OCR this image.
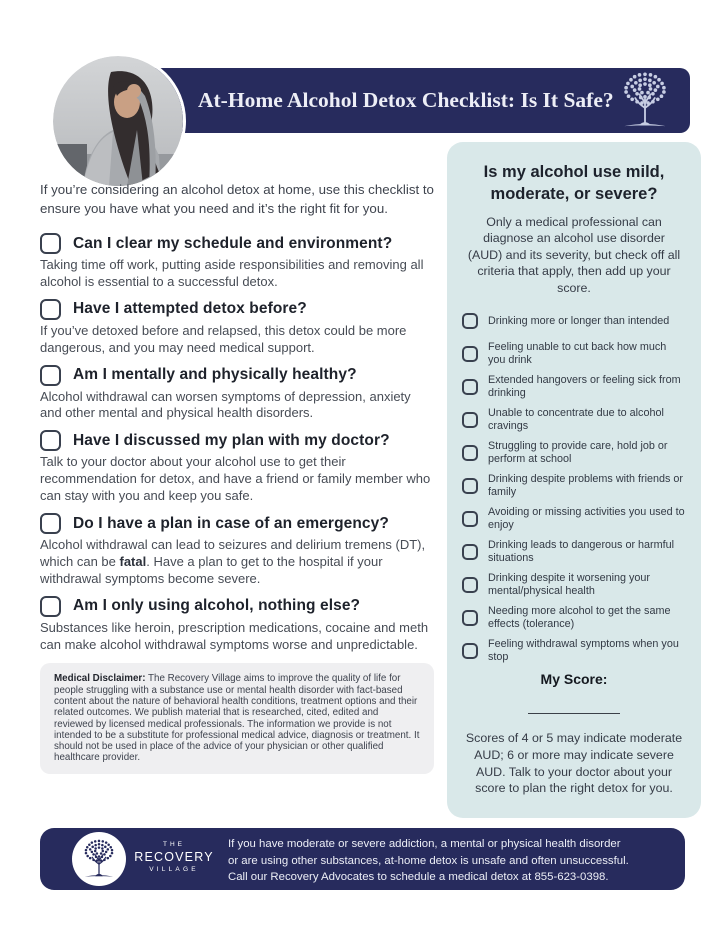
At-Home Alcohol Detox Checklist: Is It Safe?

If you’re considering an alcohol detox at home, use this checklist to ensure you have what you need and it’s the right fit for you.

Can I clear my schedule and environment?

Taking time off work, putting aside responsibilities and removing all alcohol is essential to a successful detox.

Have I attempted detox before?

If you’ve detoxed before and relapsed, this detox could be more dangerous, and you may need medical support.

Am I mentally and physically healthy?

Alcohol withdrawal can worsen symptoms of depression, anxiety and other mental and physical health disorders.

Have I discussed my plan with my doctor?

Talk to your doctor about your alcohol use to get their recommendation for detox, and have a friend or family member who can stay with you and keep you safe.

Do I have a plan in case of an emergency?

Alcohol withdrawal can lead to seizures and delirium tremens (DT), which can be fatal. Have a plan to get to the hospital if your withdrawal symptoms become severe.

Am I only using alcohol, nothing else?

Substances like heroin, prescription medications, cocaine and meth can make alcohol withdrawal symptoms worse and unpredictable.

Medical Disclaimer: The Recovery Village aims to improve the quality of life for people struggling with a substance use or mental health disorder with fact-based content about the nature of behavioral health conditions, treatment options and their related outcomes. We publish material that is researched, cited, edited and reviewed by licensed medical professionals. The information we provide is not intended to be a substitute for professional medical advice, diagnosis or treatment. It should not be used in place of the advice of your physician or other qualified healthcare provider.
Is my alcohol use mild, moderate, or severe?
Only a medical professional can diagnose an alcohol use disorder (AUD) and its severity, but check off all criteria that apply, then add up your score.
Drinking more or longer than intended
Feeling unable to cut back how much you drink
Extended hangovers or feeling sick from drinking
Unable to concentrate due to alcohol cravings
Struggling to provide care, hold job or perform at school
Drinking despite problems with friends or family
Avoiding or missing activities you used to enjoy
Drinking leads to dangerous or harmful situations
Drinking despite it worsening your mental/physical health
Needing more alcohol to get the same effects (tolerance)
Feeling withdrawal symptoms when you stop
My Score:
Scores of 4 or 5 may indicate moderate AUD; 6 or more may indicate severe AUD. Talk to your doctor about your score to plan the right detox for you.
THE
RECOVERY
VILLAGE
If you have moderate or severe addiction, a mental or physical health disorder
or are using other substances, at-home detox is unsafe and often unsuccessful.
Call our Recovery Advocates to schedule a medical detox at 855-623-0398.
